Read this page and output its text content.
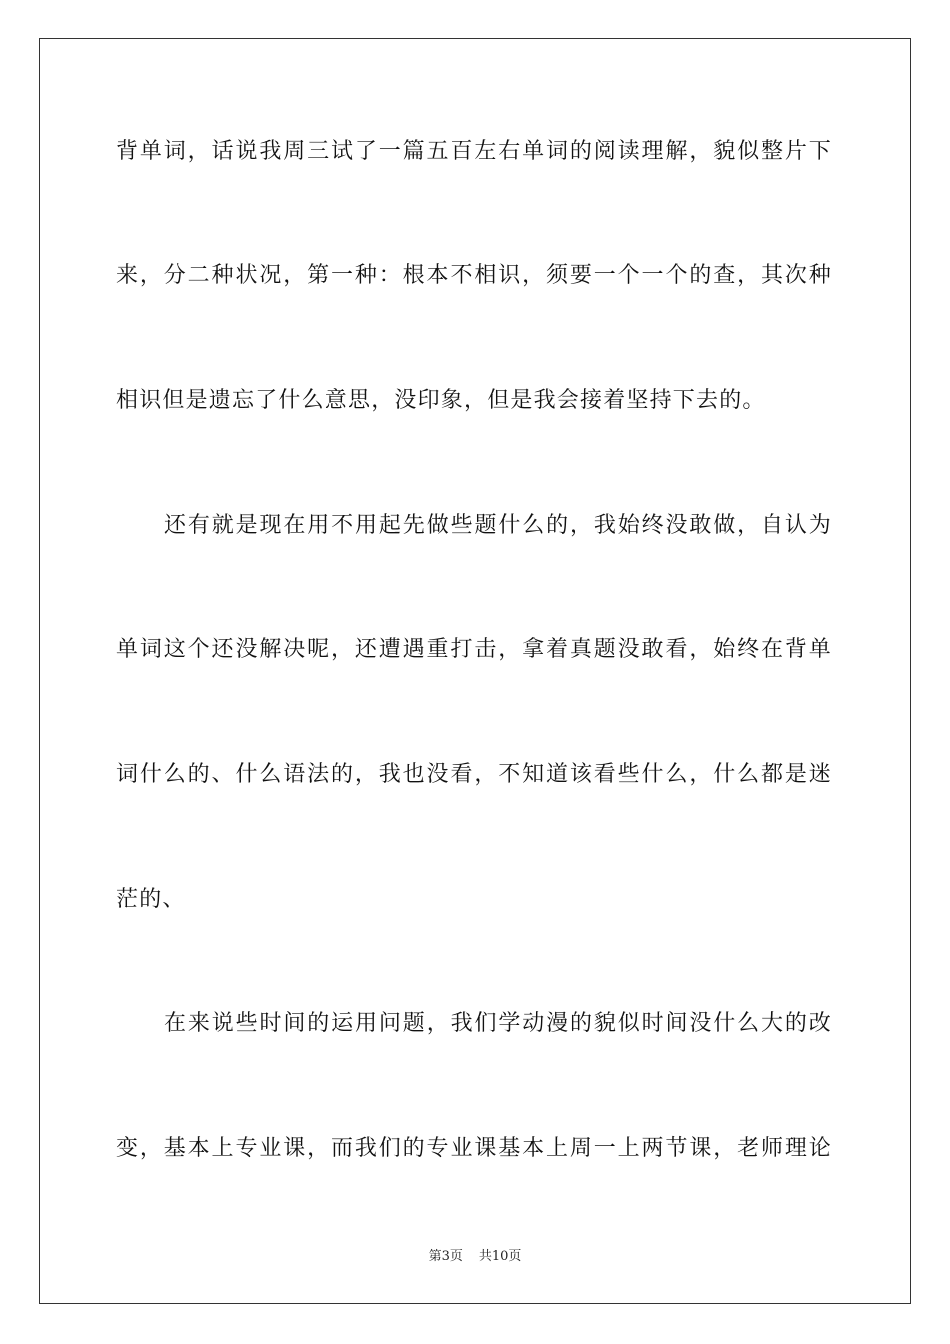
背单词，话说我周三试了一篇五百左右单词的阅读理解，貌似整片下
来，分二种状况，第一种：根本不相识，须要一个一个的查，其次种
相识但是遗忘了什么意思，没印象，但是我会接着坚持下去的。
还有就是现在用不用起先做些题什么的，我始终没敢做，自认为
单词这个还没解决呢，还遭遇重打击，拿着真题没敢看，始终在背单
词什么的、什么语法的，我也没看，不知道该看些什么，什么都是迷
茫的、
在来说些时间的运用问题，我们学动漫的貌似时间没什么大的改
变，基本上专业课，而我们的专业课基本上周一上两节课，老师理论
第3页 共10页
